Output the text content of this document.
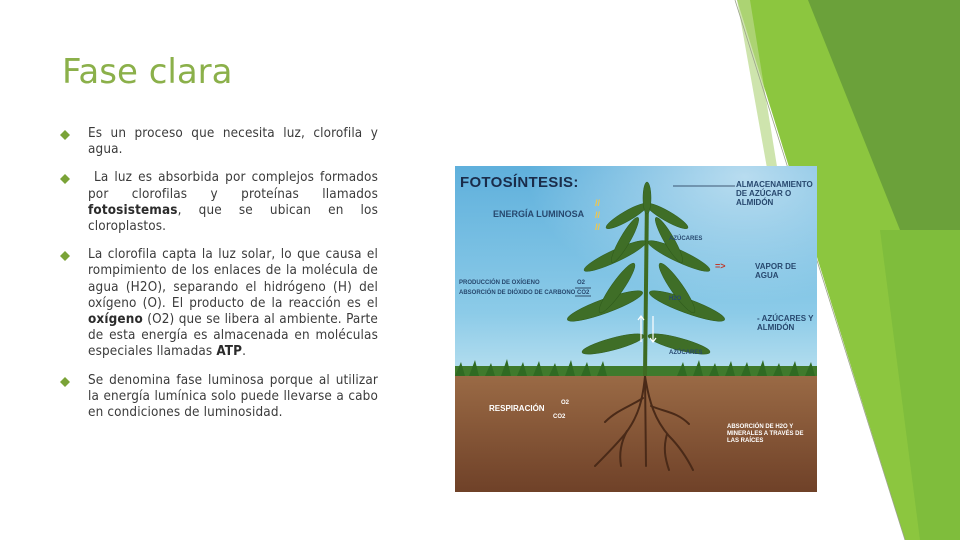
Fase clara
Es un proceso que necesita luz, clorofila y agua.
La luz es absorbida por complejos formados por clorofilas y proteínas llamados fotosistemas, que se ubican en los cloroplastos.
La clorofila capta la luz solar, lo que causa el rompimiento de los enlaces de la molécula de agua (H2O), separando el hidrógeno (H) del oxígeno (O). El producto de la reacción es el oxígeno (O2) que se libera al ambiente. Parte de esta energía es almacenada en moléculas especiales llamadas ATP.
Se denomina fase luminosa porque al utilizar la energía lumínica solo puede llevarse a cabo en condiciones de luminosidad.
//
//
//
FOTOSÍNTESIS:
ENERGÍA LUMINOSA
ALMACENAMIENTO DE AZÚCAR O ALMIDÓN
AZÚCARES
=>	VAPOR DE AGUA
PRODUCCIÓN DE OXÍGENO
ABSORCIÓN DE DIÓXIDO DE CARBONO
O2
CO2
H2O
- AZÚCARES Y ALMIDÓN
AZÚCARES
RESPIRACIÓN
O2
CO2
ABSORCIÓN DE H2O Y MINERALES A TRAVÉS DE LAS RAÍCES
